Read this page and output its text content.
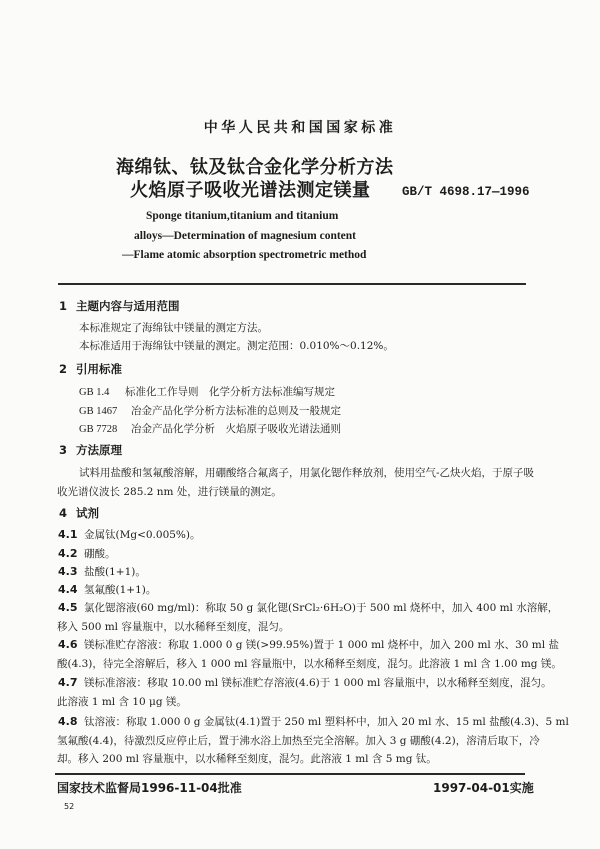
中华人民共和国国家标准
海绵钛、钛及钛合金化学分析方法
火焰原子吸收光谱法测定镁量	GB/T 4698.17—1996
Sponge titanium,titanium and titanium
alloys—Determination of magnesium content
—Flame atomic absorption spectrometric method
1 主题内容与适用范围
本标准规定了海绵钛中镁量的测定方法。
本标准适用于海绵钛中镁量的测定。测定范围：0.010%～0.12%。
2 引用标准
GB 1.4 标准化工作导则　化学分析方法标准编写规定
GB 1467 冶金产品化学分析方法标准的总则及一般规定
GB 7728 冶金产品化学分析　火焰原子吸收光谱法通则
3 方法原理
试料用盐酸和氢氟酸溶解，用硼酸络合氟离子，用氯化锶作释放剂，使用空气-乙炔火焰，于原子吸
收光谱仪波长 285.2 nm 处，进行镁量的测定。
4 试剂
4.1 金属钛(Mg<0.005%)。
4.2 硼酸。
4.3 盐酸(1+1)。
4.4 氢氟酸(1+1)。
4.5 氯化锶溶液(60 mg/ml)：称取 50 g 氯化锶(SrCl₂·6H₂O)于 500 ml 烧杯中，加入 400 ml 水溶解，
移入 500 ml 容量瓶中，以水稀释至刻度，混匀。
4.6 镁标准贮存溶液：称取 1.000 0 g 镁(>99.95%)置于 1 000 ml 烧杯中，加入 200 ml 水、30 ml 盐
酸(4.3)，待完全溶解后，移入 1 000 ml 容量瓶中，以水稀释至刻度，混匀。此溶液 1 ml 含 1.00 mg 镁。
4.7 镁标准溶液：移取 10.00 ml 镁标准贮存溶液(4.6)于 1 000 ml 容量瓶中，以水稀释至刻度，混匀。
此溶液 1 ml 含 10 μg 镁。
4.8 钛溶液：称取 1.000 0 g 金属钛(4.1)置于 250 ml 塑料杯中，加入 20 ml 水、15 ml 盐酸(4.3)、5 ml
氢氟酸(4.4)，待激烈反应停止后，置于沸水浴上加热至完全溶解。加入 3 g 硼酸(4.2)，溶清后取下，冷
却。移入 200 ml 容量瓶中，以水稀释至刻度，混匀。此溶液 1 ml 含 5 mg 钛。
国家技术监督局1996-11-04批准	1997-04-01实施
52
